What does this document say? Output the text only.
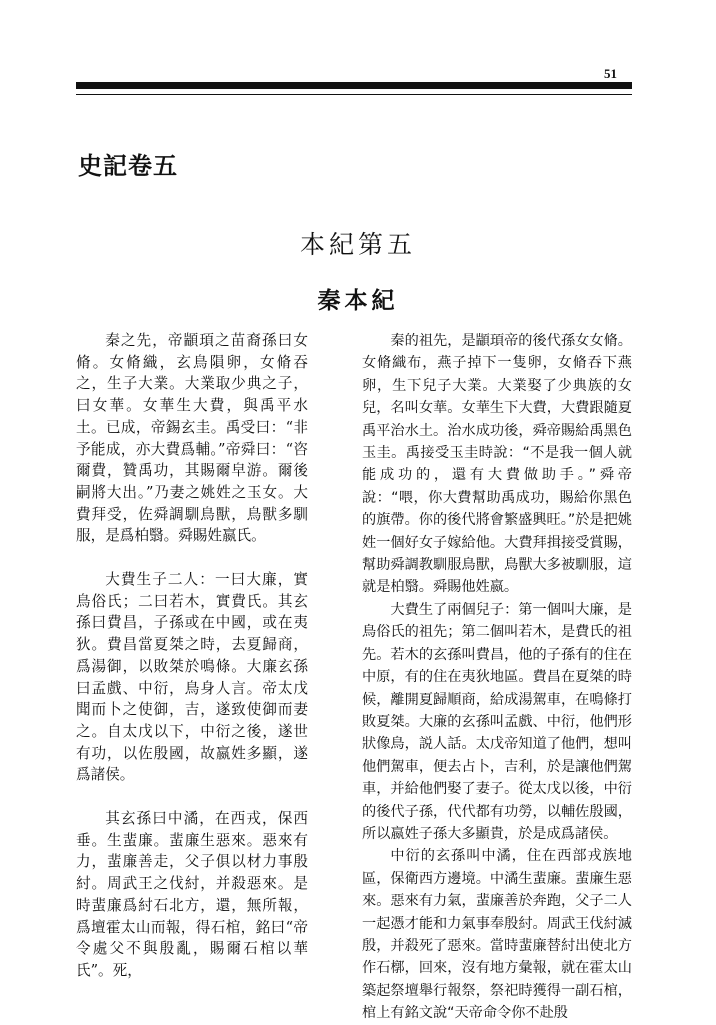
51
史記卷五
本紀第五
秦本紀

秦之先，帝顓頊之苗裔孫曰女脩。女脩織，玄鳥隕卵，女脩吞之，生子大業。大業取少典之子，曰女華。女華生大費，與禹平水土。已成，帝錫玄圭。禹受曰：“非予能成，亦大費爲輔。”帝舜曰：“咨爾費，贊禹功，其賜爾皁游。爾後嗣將大出。”乃妻之姚姓之玉女。大費拜受，佐舜調馴鳥獸，鳥獸多馴服，是爲柏翳。舜賜姓嬴氏。

大費生子二人：一曰大廉，實鳥俗氏；二曰若木，實費氏。其玄孫曰費昌，子孫或在中國，或在夷狄。費昌當夏桀之時，去夏歸商，爲湯御，以敗桀於鳴條。大廉玄孫曰孟戲、中衍，鳥身人言。帝太戊聞而卜之使御，吉，遂致使御而妻之。自太戊以下，中衍之後，遂世有功，以佐殷國，故嬴姓多顯，遂爲諸侯。

其玄孫曰中潏，在西戎，保西垂。生蜚廉。蜚廉生惡來。惡來有力，蜚廉善走，父子俱以材力事殷紂。周武王之伐紂，并殺惡來。是時蜚廉爲紂石北方，還，無所報，爲壇霍太山而報，得石棺，銘曰“帝令處父不與殷亂，賜爾石棺以華氏”。死，

秦的祖先，是顓頊帝的後代孫女女脩。女脩織布，燕子掉下一隻卵，女脩吞下燕卵，生下兒子大業。大業娶了少典族的女兒，名叫女華。女華生下大費，大費跟隨夏禹平治水土。治水成功後，舜帝賜給禹黑色玉圭。禹接受玉圭時說：“不是我一個人就能成功的，還有大費做助手。”舜帝說：“喂，你大費幫助禹成功，賜給你黑色的旗帶。你的後代將會繁盛興旺。”於是把姚姓一個好女子嫁給他。大費拜揖接受賞賜，幫助舜調教馴服鳥獸，鳥獸大多被馴服，這就是柏翳。舜賜他姓嬴。

大費生了兩個兒子：第一個叫大廉，是鳥俗氏的祖先；第二個叫若木，是費氏的祖先。若木的玄孫叫費昌，他的子孫有的住在中原，有的住在夷狄地區。費昌在夏桀的時候，離開夏歸順商，給成湯駕車，在鳴條打敗夏桀。大廉的玄孫叫孟戲、中衍，他們形狀像鳥，説人話。太戊帝知道了他們，想叫他們駕車，便去占卜，吉利，於是讓他們駕車，并給他們娶了妻子。從太戊以後，中衍的後代子孫，代代都有功勞，以輔佐殷國，所以嬴姓子孫大多顯貴，於是成爲諸侯。

中衍的玄孫叫中潏，住在西部戎族地區，保衛西方邊境。中潏生蜚廉。蜚廉生惡來。惡來有力氣，蜚廉善於奔跑，父子二人一起憑才能和力氣事奉殷紂。周武王伐紂滅殷，并殺死了惡來。當時蜚廉替紂出使北方作石槨，回來，沒有地方彙報，就在霍太山築起祭壇舉行報祭，祭祀時獲得一副石棺，棺上有銘文說“天帝命令你不赴殷
